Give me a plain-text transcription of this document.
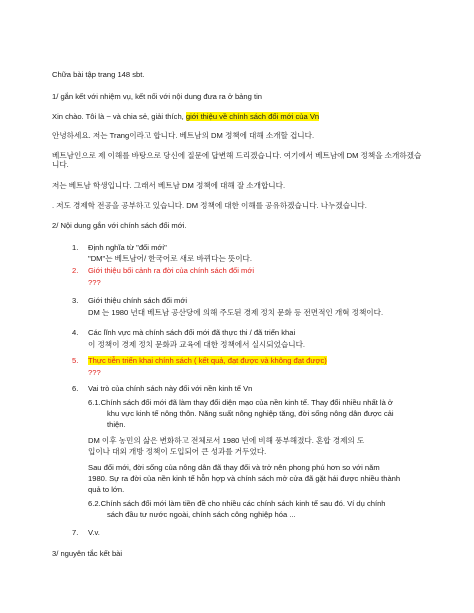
Chữa bài tập trang 148 sbt.
1/ gắn kết với nhiệm vụ, kết nối với nội dung đưa ra ở bảng tin
Xin chào. Tôi là ~ và chia sẻ, giải thích, giới thiệu về chính sách đổi mới của Vn
안녕하세요. 저는 Trang이라고 합니다. 베트남의 DM 정책에 대해 소개할 겁니다.
베트남인으로 제 이해를 바탕으로 당신에 질문에 답변해 드리겠습니다. 여기에서 베트남에 DM 정책을 소개하겠습니다.
저는 베트남 학생입니다. 그래서 베트남 DM 정책에 대해 잘 소개합니다.
. 저도 경제학 전공을 공부하고 있습니다. DM 정책에 대한 이해를 공유하겠습니다. 나누겠습니다.
2/ Nội dung gắn với chính sách đổi mới.
1. Định nghĩa từ "đổi mới"
"DM"는 베트남어/ 한국어로 새로 바뀌다는 뜻이다.
2. Giới thiệu bối cảnh ra đời của chính sách đổi mới
???
3. Giới thiệu chính sách đổi mới
DM 는 1980 년대 베트남 공산당에 의해 주도된 경제 정치 문화 등 전면적인 개혁 정책이다.
4. Các lĩnh vực mà chính sách đổi mới đã thực thi / đã triển khai
이 정책이 경제 정치 문화과 교육에 대한 정책에서 실시되었습니다.
5. Thực tiễn triển khai chính sách ( kết quả, đạt được và không đạt được)
???
6. Vai trò của chính sách này đối với nền kinh tế Vn
6.1.Chính sách đổi mới đã làm thay đổi diện mạo của nền kinh tế. Thay đổi nhiều nhất là ở
khu vực kinh tế nông thôn. Năng suất nông nghiệp tăng, đời sống nông dân được cải
thiện.
DM 이후 농민의 삶은 변화하고 전체로서 1980 년에 비해 풍부해졌다. 혼합 경제의 도
입이나 대외 개방 정책이 도입되어 큰 성과를 거두었다.
Sau đổi mới, đời sống của nông dân đã thay đổi và trở nên phong phú hơn so với năm
1980. Sự ra đời của nền kinh tế hỗn hợp và chính sách mở cửa đã gặt hái được nhiều thành
quả to lớn.
6.2.Chính sách đổi mới làm tiền đề cho nhiều các chính sách kinh tế sau đó. Ví dụ chính
sách đầu tư nước ngoài, chính sách công nghiệp hóa ...
7. V.v.
3/ nguyên tắc kết bài
